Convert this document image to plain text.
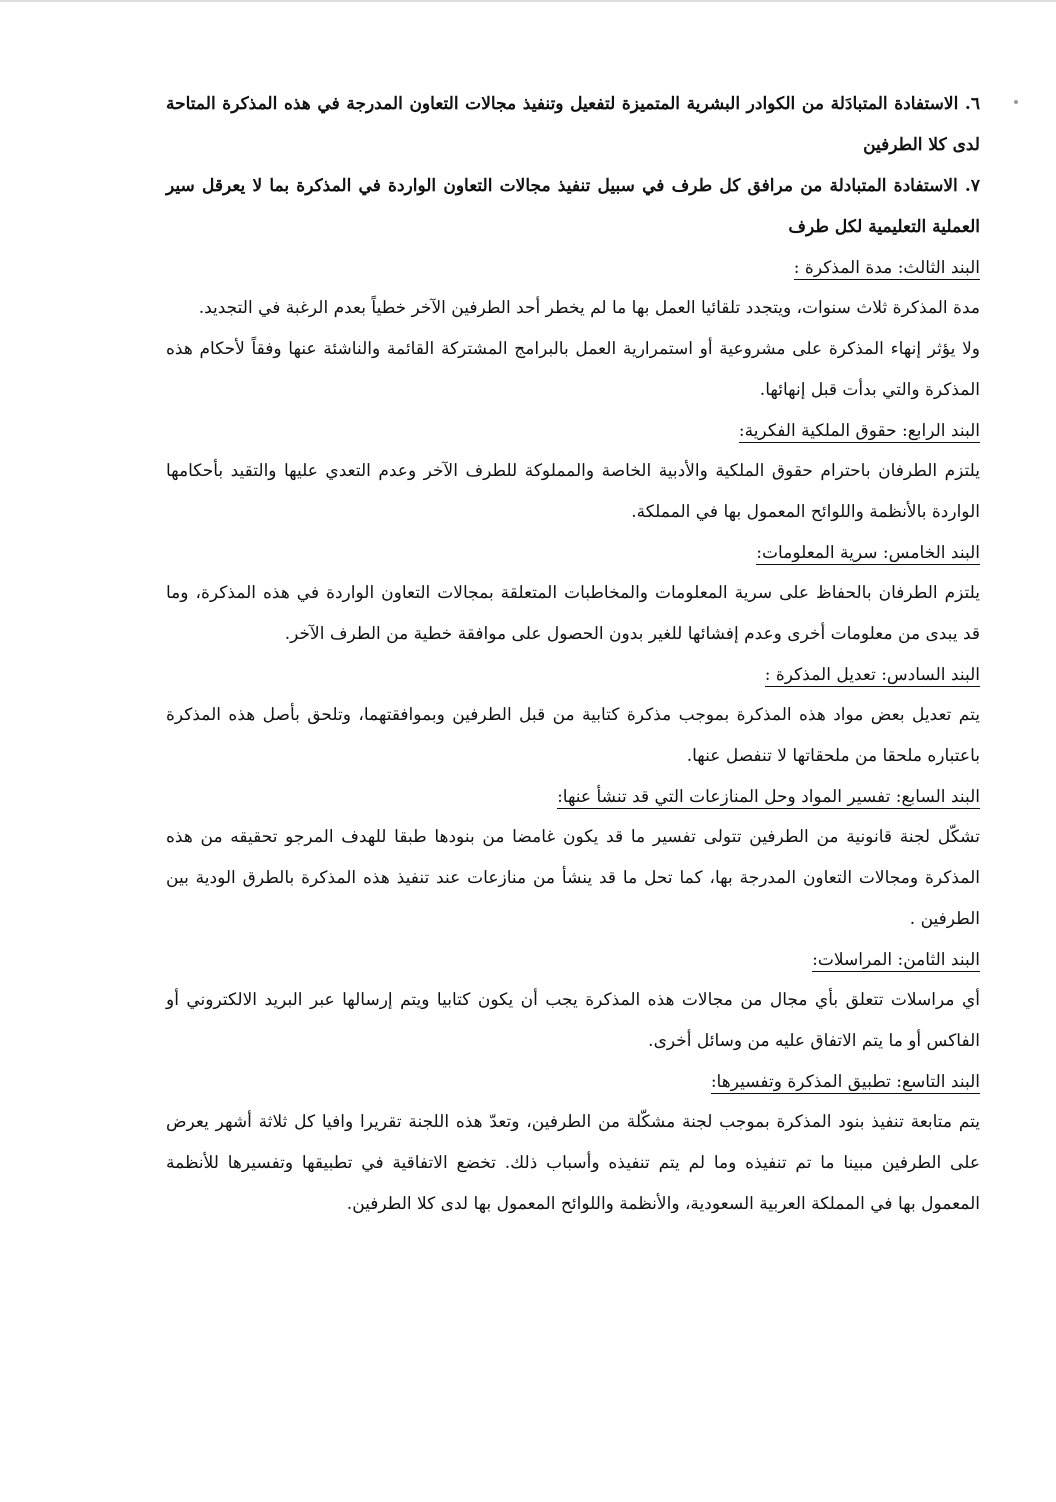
٦. الاستفادة المتبادَلة من الكوادر البشرية المتميزة لتفعيل وتنفيذ مجالات التعاون المدرجة في هذه المذكرة المتاحة لدى كلا الطرفين

٧. الاستفادة المتبادلة من مرافق كل طرف في سبيل تنفيذ مجالات التعاون الواردة في المذكرة بما لا يعرقل سير العملية التعليمية لكل طرف

البند الثالث: مدة المذكرة :

مدة المذكرة ثلاث سنوات، ويتجدد تلقائيا العمل بها ما لم يخطر أحد الطرفين الآخر خطياً بعدم الرغبة في التجديد.

ولا يؤثر إنهاء المذكرة على مشروعية أو استمرارية العمل بالبرامج المشتركة القائمة والناشئة عنها وفقاً لأحكام هذه المذكرة والتي بدأت قبل إنهائها.

البند الرابع: حقوق الملكية الفكرية:

يلتزم الطرفان باحترام حقوق الملكية والأدبية الخاصة والمملوكة للطرف الآخر وعدم التعدي عليها والتقيد بأحكامها الواردة بالأنظمة واللوائح المعمول بها في المملكة.

البند الخامس: سرية المعلومات:

يلتزم الطرفان بالحفاظ على سرية المعلومات والمخاطبات المتعلقة بمجالات التعاون الواردة في هذه المذكرة، وما قد يبدى من معلومات أخرى وعدم إفشائها للغير بدون الحصول على موافقة خطية من الطرف الآخر.

البند السادس: تعديل المذكرة :

يتم تعديل بعض مواد هذه المذكرة بموجب مذكرة كتابية من قبل الطرفين وبموافقتهما، وتلحق بأصل هذه المذكرة باعتباره ملحقا من ملحقاتها لا تنفصل عنها.

البند السابع: تفسير المواد وحل المنازعات التي قد تنشأ عنها:

تشكّل لجنة قانونية من الطرفين تتولى تفسير ما قد يكون غامضا من بنودها طبقا للهدف المرجو تحقيقه من هذه المذكرة ومجالات التعاون المدرجة بها، كما تحل ما قد ينشأ من منازعات عند تنفيذ هذه المذكرة بالطرق الودية بين الطرفين .

البند الثامن: المراسلات:

أي مراسلات تتعلق بأي مجال من مجالات هذه المذكرة يجب أن يكون كتابيا ويتم إرسالها عبر البريد الالكتروني أو الفاكس أو ما يتم الاتفاق عليه من وسائل أخرى.

البند التاسع: تطبيق المذكرة وتفسيرها:

يتم متابعة تنفيذ بنود المذكرة بموجب لجنة مشكّلة من الطرفين، وتعدّ هذه اللجنة تقريرا وافيا كل ثلاثة أشهر يعرض على الطرفين مبينا ما تم تنفيذه وما لم يتم تنفيذه وأسباب ذلك. تخضع الاتفاقية في تطبيقها وتفسيرها للأنظمة المعمول بها في المملكة العربية السعودية، والأنظمة واللوائح المعمول بها لدى كلا الطرفين.
